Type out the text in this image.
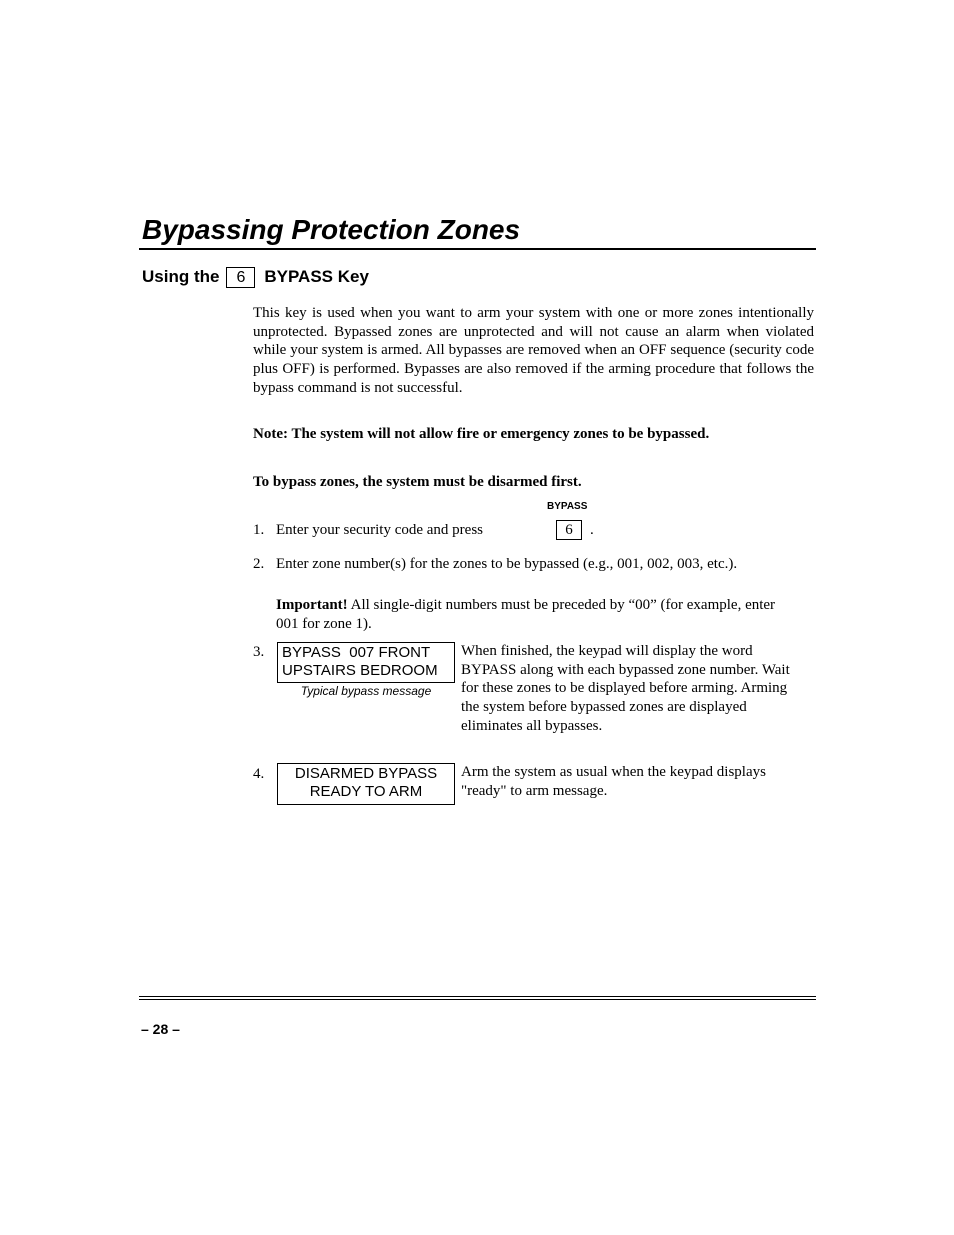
Bypassing Protection Zones
Using the	6	BYPASS Key
This key is used when you want to arm your system with one or more zones intentionally unprotected. Bypassed zones are unprotected and will not cause an alarm when violated while your system is armed. All bypasses are removed when an OFF sequence (security code plus OFF) is performed. Bypasses are also removed if the arming procedure that follows the bypass command is not successful.
Note: The system will not allow fire or emergency zones to be bypassed.
To bypass zones, the system must be disarmed first.
BYPASS
1. Enter your security code and press	6	.
2. Enter zone number(s) for the zones to be bypassed (e.g., 001, 002, 003, etc.).
Important! All single-digit numbers must be preceded by “00” (for example, enter 001 for zone 1).
3. BYPASS  007 FRONT
UPSTAIRS BEDROOM
Typical bypass message
When finished, the keypad will display the word BYPASS along with each bypassed zone number. Wait for these zones to be displayed before arming. Arming the system before bypassed zones are displayed eliminates all bypasses.
4.	DISARMED BYPASS
READY TO ARM
Arm the system as usual when the keypad displays "ready" to arm message.
– 28 –
